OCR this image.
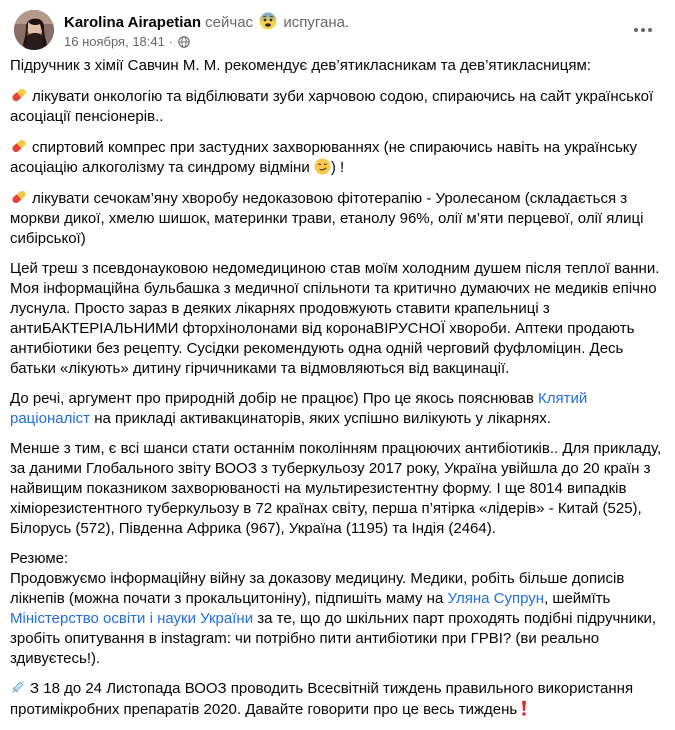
Karolina Airapetian сейчас испугана.
16 ноября, 18:41 ·

Підручник з хімії Савчин М. М. рекомендує дев’ятикласникам та дев’ятикласницям:

лікувати онкологію та відбілювати зуби харчовою содою, спираючись на сайт української асоціації пенсіонерів..

спиртовий компрес при застудних захворюваннях (не спираючись навіть на українську асоціацію алкоголізму та синдрому відміни ) !

лікувати сечокам’яну хворобу недоказовою фітотерапію - Уролесаном (складається з моркви дикої, хмелю шишок, материнки трави, етанолу 96%, олії м’яти перцевої, олії ялиці сибірської)

Цей треш з псевдонауковою недомедициною став моїм холодним душем після теплої ванни. Моя інформаційна бульбашка з медичної спільноти та критично думаючих не медиків епічно луснула. Просто зараз в деяких лікарнях продовжують ставити крапельниці з антиБАКТЕРІАЛЬНИМИ фторхінолонами від коронаВІРУСНОЇ хвороби. Аптеки продають антибіотики без рецепту. Сусідки рекомендують одна одній черговий фуфломіцин. Десь батьки «лікують» дитину гірчичниками та відмовляються від вакцинації.

До речі, аргумент про природній добір не працює) Про це якось пояснював Клятий раціоналіст на прикладі активакцинаторів, яких успішно вилікують у лікарнях.

Менше з тим, є всі шанси стати останнім поколінням працюючих антибіотиків.. Для прикладу, за даними Глобального звіту ВООЗ з туберкульозу 2017 року, Україна увійшла до 20 країн з найвищим показником захворюваності на мультирезистентну форму. І ще 8014 випадків хіміорезистентного туберкульозу в 72 країнах світу, перша п’ятірка «лідерів» - Китай (525), Білорусь (572), Південна Африка (967), Україна (1195) та Індія (2464).

Резюме:
Продовжуємо інформаційну війну за доказову медицину. Медики, робіть більше дописів лікнепів (можна почати з прокальцитоніну), підпишіть маму на Уляна Супрун, шеймїть Міністерство освіти і науки України за те, що до шкільних парт проходять подібні підручники, зробіть опитування в instagram: чи потрібно пити антибіотики при ГРВІ? (ви реально здивуєтесь!).

З 18 до 24 Листопада ВООЗ проводить Всесвітній тиждень правильного використання протимікробних препаратів 2020. Давайте говорити про це весь тиждень
